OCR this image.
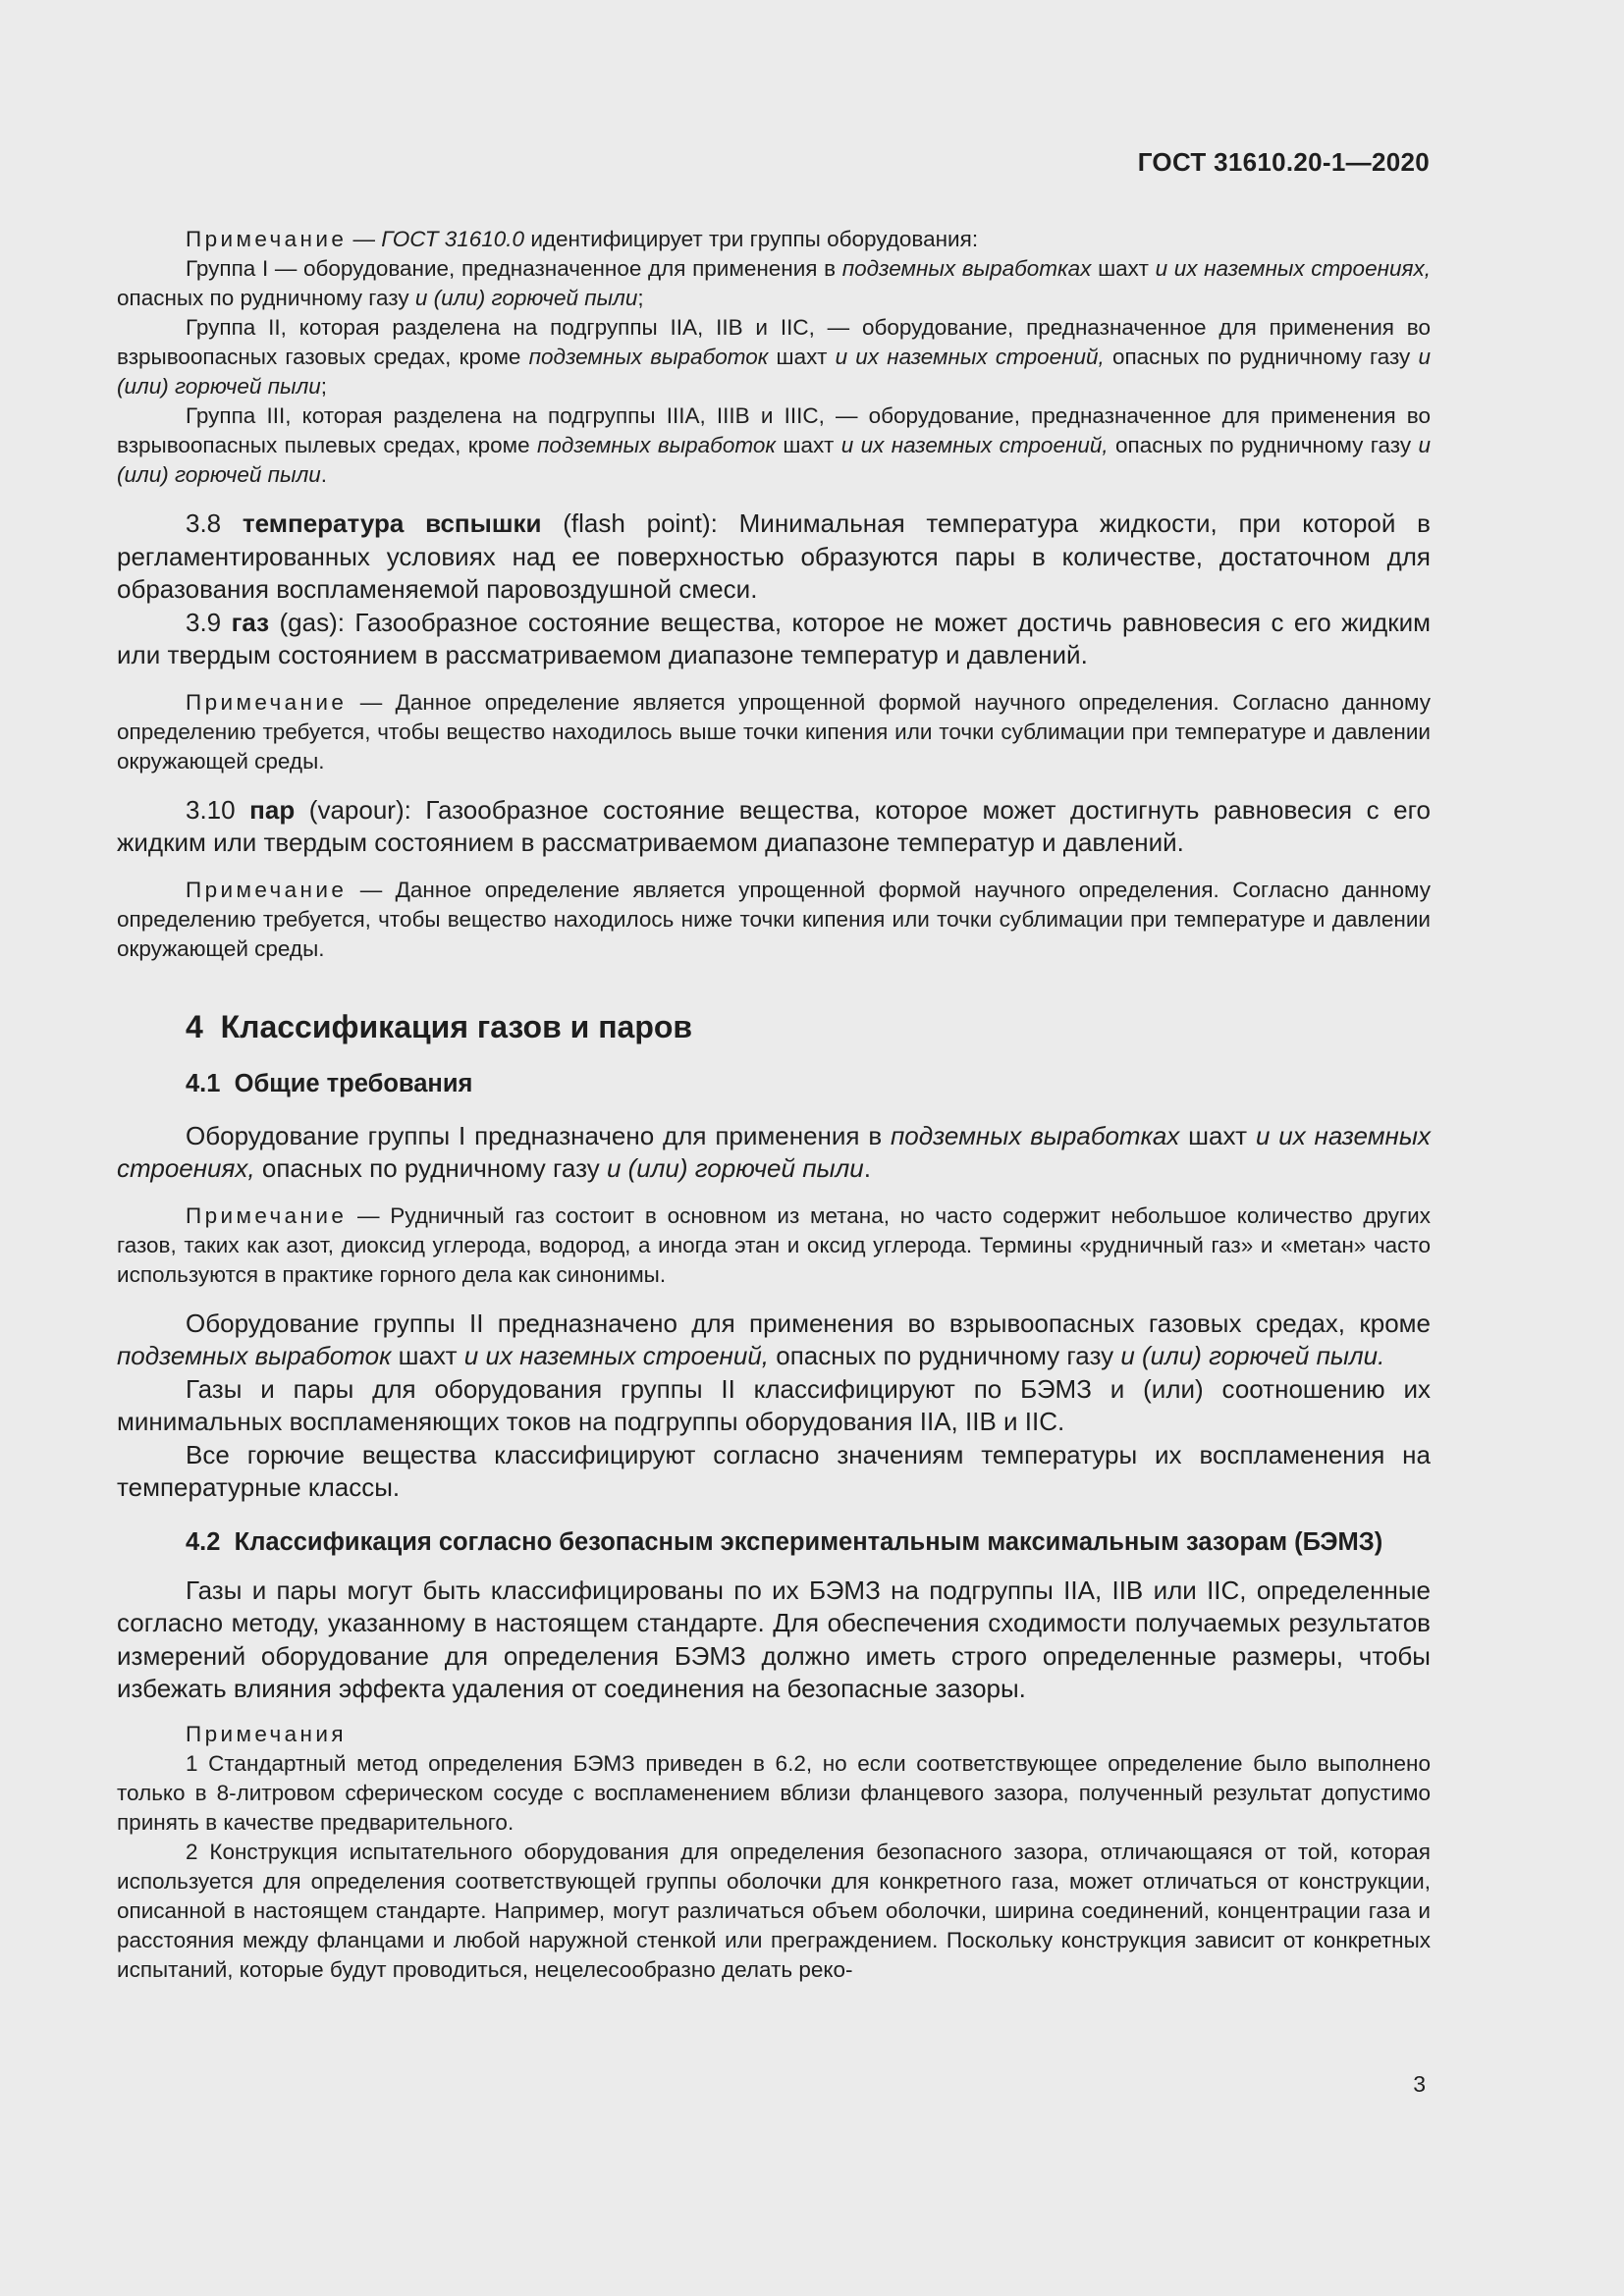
ГОСТ 31610.20-1—2020

Примечание — ГОСТ 31610.0 идентифицирует три группы оборудования:

Группа I — оборудование, предназначенное для применения в подземных выработках шахт и их наземных строениях, опасных по рудничному газу и (или) горючей пыли;

Группа II, которая разделена на подгруппы IIA, IIB и IIC, — оборудование, предназначенное для применения во взрывоопасных газовых средах, кроме подземных выработок шахт и их наземных строений, опасных по рудничному газу и (или) горючей пыли;

Группа III, которая разделена на подгруппы IIIA, IIIB и IIIC, — оборудование, предназначенное для применения во взрывоопасных пылевых средах, кроме подземных выработок шахт и их наземных строений, опасных по рудничному газу и (или) горючей пыли.

3.8 температура вспышки (flash point): Минимальная температура жидкости, при которой в регламентированных условиях над ее поверхностью образуются пары в количестве, достаточном для образования воспламеняемой паровоздушной смеси.

3.9 газ (gas): Газообразное состояние вещества, которое не может достичь равновесия с его жидким или твердым состоянием в рассматриваемом диапазоне температур и давлений.

Примечание — Данное определение является упрощенной формой научного определения. Согласно данному определению требуется, чтобы вещество находилось выше точки кипения или точки сублимации при температуре и давлении окружающей среды.

3.10 пар (vapour): Газообразное состояние вещества, которое может достигнуть равновесия с его жидким или твердым состоянием в рассматриваемом диапазоне температур и давлений.

Примечание — Данное определение является упрощенной формой научного определения. Согласно данному определению требуется, чтобы вещество находилось ниже точки кипения или точки сублимации при температуре и давлении окружающей среды.

4 Классификация газов и паров
4.1 Общие требования

Оборудование группы I предназначено для применения в подземных выработках шахт и их наземных строениях, опасных по рудничному газу и (или) горючей пыли.

Примечание — Рудничный газ состоит в основном из метана, но часто содержит небольшое количество других газов, таких как азот, диоксид углерода, водород, а иногда этан и оксид углерода. Термины «рудничный газ» и «метан» часто используются в практике горного дела как синонимы.

Оборудование группы II предназначено для применения во взрывоопасных газовых средах, кроме подземных выработок шахт и их наземных строений, опасных по рудничному газу и (или) горючей пыли.

Газы и пары для оборудования группы II классифицируют по БЭМЗ и (или) соотношению их минимальных воспламеняющих токов на подгруппы оборудования IIA, IIB и IIC.

Все горючие вещества классифицируют согласно значениям температуры их воспламенения на температурные классы.

4.2 Классификация согласно безопасным экспериментальным максимальным зазорам (БЭМЗ)

Газы и пары могут быть классифицированы по их БЭМЗ на подгруппы IIA, IIB или IIC, определенные согласно методу, указанному в настоящем стандарте. Для обеспечения сходимости получаемых результатов измерений оборудование для определения БЭМЗ должно иметь строго определенные размеры, чтобы избежать влияния эффекта удаления от соединения на безопасные зазоры.

Примечания

1 Стандартный метод определения БЭМЗ приведен в 6.2, но если соответствующее определение было выполнено только в 8-литровом сферическом сосуде с воспламенением вблизи фланцевого зазора, полученный результат допустимо принять в качестве предварительного.

2 Конструкция испытательного оборудования для определения безопасного зазора, отличающаяся от той, которая используется для определения соответствующей группы оболочки для конкретного газа, может отличаться от конструкции, описанной в настоящем стандарте. Например, могут различаться объем оболочки, ширина соединений, концентрации газа и расстояния между фланцами и любой наружной стенкой или преграждением. Поскольку конструкция зависит от конкретных испытаний, которые будут проводиться, нецелесообразно делать реко-

3
